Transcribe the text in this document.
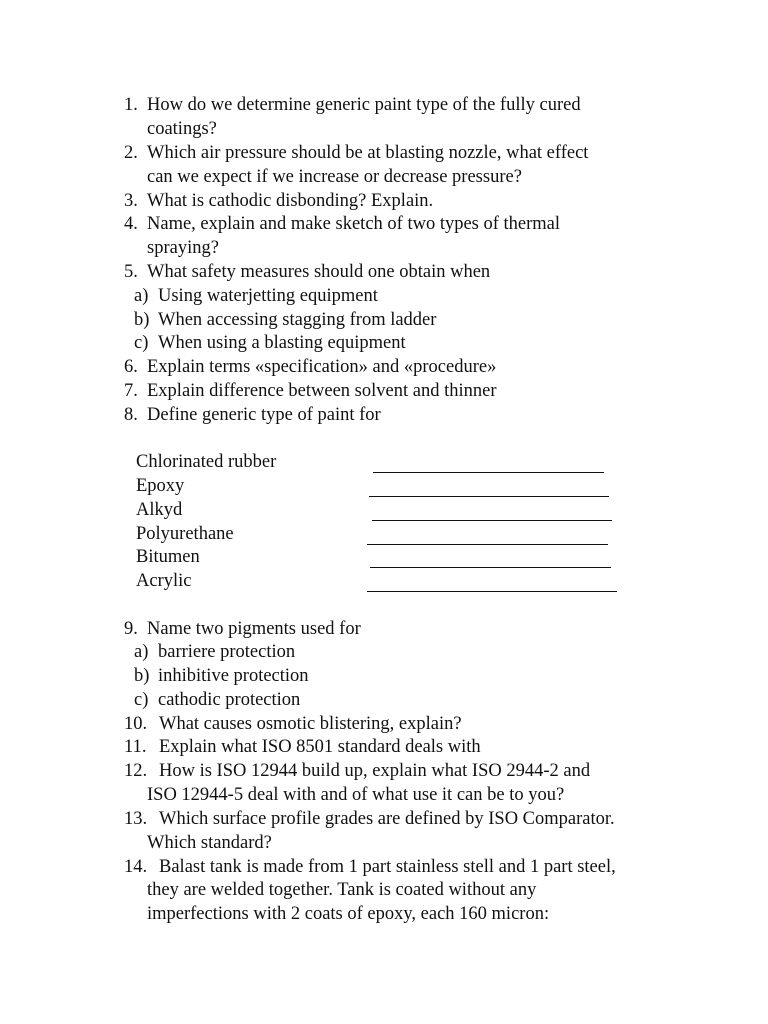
1. How do we determine generic paint type of the fully cured
coatings?
2. Which air pressure should be at blasting nozzle, what effect
can we expect if we increase or decrease pressure?
3. What is cathodic disbonding? Explain.
4. Name, explain and make sketch of two types of thermal
spraying?
5. What safety measures should one obtain when
a) Using waterjetting equipment
b) When accessing stagging from ladder
c) When using a blasting equipment
6. Explain terms «specification» and «procedure»
7. Explain difference between solvent and thinner
8. Define generic type of paint for
Chlorinated rubber
Epoxy
Alkyd
Polyurethane
Bitumen
Acrylic
9. Name two pigments used for
a) barriere protection
b) inhibitive protection
c) cathodic protection
10. What causes osmotic blistering, explain?
11. Explain what ISO 8501 standard deals with
12. How is ISO 12944 build up, explain what ISO 2944-2 and
ISO 12944-5 deal with and of what use it can be to you?
13. Which surface profile grades are defined by ISO Comparator.
Which standard?
14. Balast tank is made from 1 part stainless stell and 1 part steel,
they are welded together. Tank is coated without any
imperfections with 2 coats of epoxy, each 160 micron:
